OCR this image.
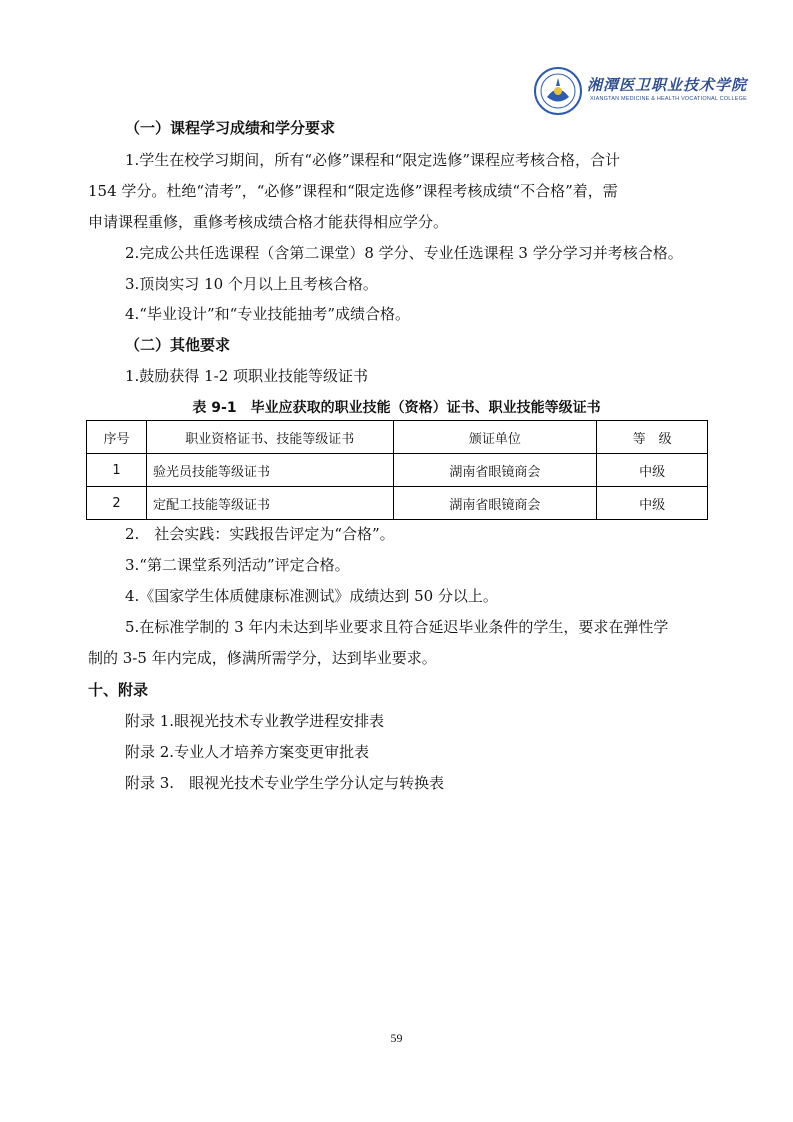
湘潭医卫职业技术学院
XIANGTAN MEDICINE & HEALTH VOCATIONAL COLLEGE
（一）课程学习成绩和学分要求
1.学生在校学习期间，所有“必修”课程和“限定选修”课程应考核合格，合计
154 学分。杜绝“清考”，“必修”课程和“限定选修”课程考核成绩“不合格”着，需
申请课程重修，重修考核成绩合格才能获得相应学分。
2.完成公共任选课程（含第二课堂）8 学分、专业任选课程 3 学分学习并考核合格。
3.顶岗实习 10 个月以上且考核合格。
4.“毕业设计”和“专业技能抽考”成绩合格。
（二）其他要求
1.鼓励获得 1-2 项职业技能等级证书
表 9-1　毕业应获取的职业技能（资格）证书、职业技能等级证书
序号	职业资格证书、技能等级证书	颁证单位	等　级
1	验光员技能等级证书	湖南省眼镜商会	中级
2	定配工技能等级证书	湖南省眼镜商会	中级
2.　社会实践：实践报告评定为“合格”。
3.“第二课堂系列活动”评定合格。
4.《国家学生体质健康标准测试》成绩达到 50 分以上。
5.在标准学制的 3 年内未达到毕业要求且符合延迟毕业条件的学生，要求在弹性学
制的 3-5 年内完成，修满所需学分，达到毕业要求。
十、附录
附录 1.眼视光技术专业教学进程安排表
附录 2.专业人才培养方案变更审批表
附录 3.　眼视光技术专业学生学分认定与转换表
59
